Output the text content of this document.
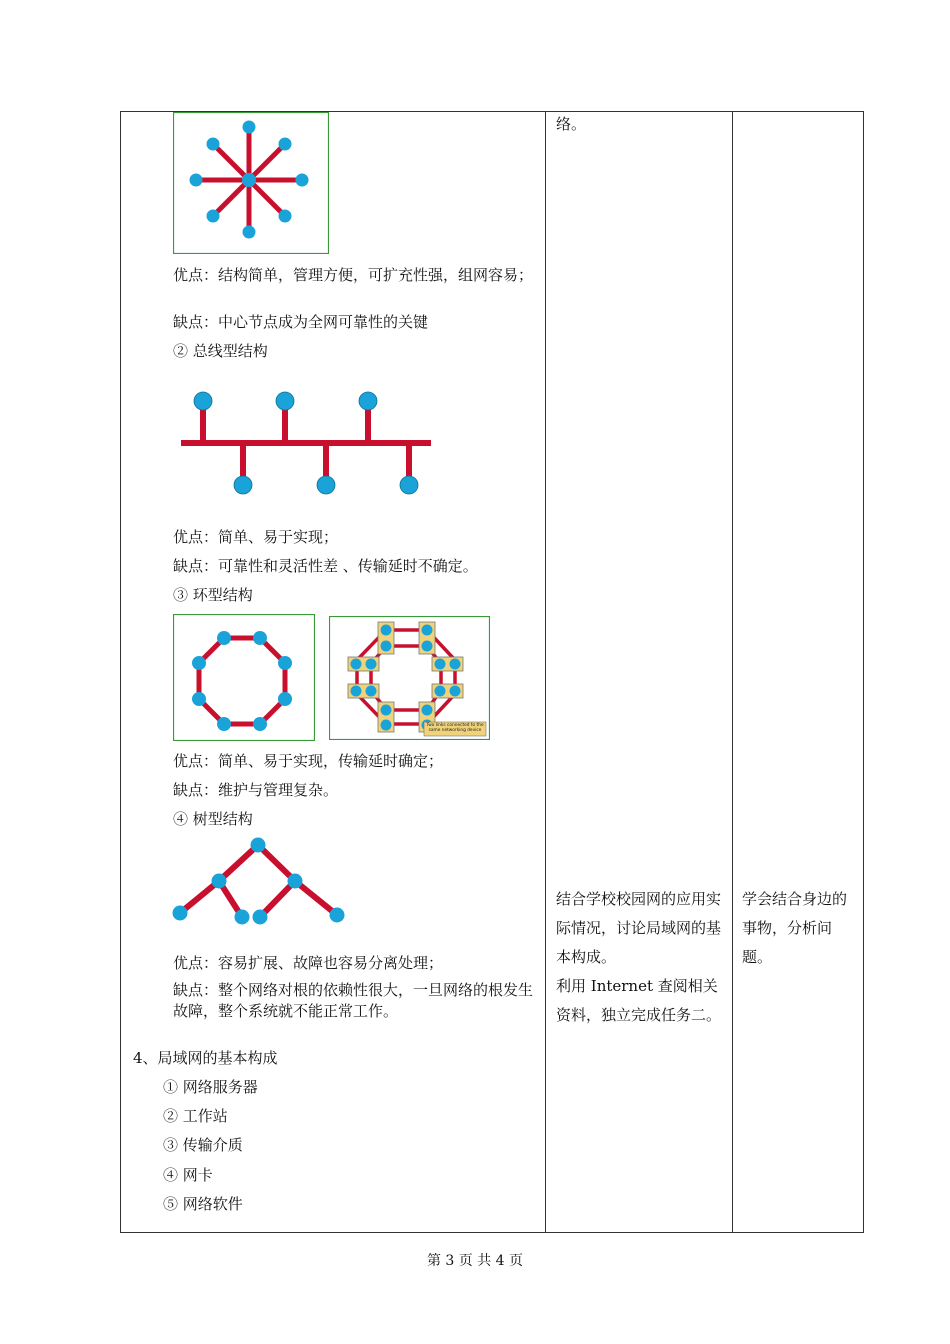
优点：结构简单，管理方便，可扩充性强，组网容易；
缺点：中心节点成为全网可靠性的关键
② 总线型结构
优点：简单、易于实现；
缺点：可靠性和灵活性差 、传输延时不确定。
③ 环型结构
Two links connected to the same networking device
优点：简单、易于实现，传输延时确定；
缺点：维护与管理复杂。
④ 树型结构
优点：容易扩展、故障也容易分离处理；
缺点：整个网络对根的依赖性很大，一旦网络的根发生故障，整个系统就不能正常工作。
4、局域网的基本构成
① 网络服务器
② 工作站
③ 传输介质
④ 网卡
⑤ 网络软件

络。
结合学校校园网的应用实际情况，讨论局域网的基本构成。
利用 Internet 查阅相关资料，独立完成任务二。

学会结合身边的事物，分析问题。
第 3 页 共 4 页
